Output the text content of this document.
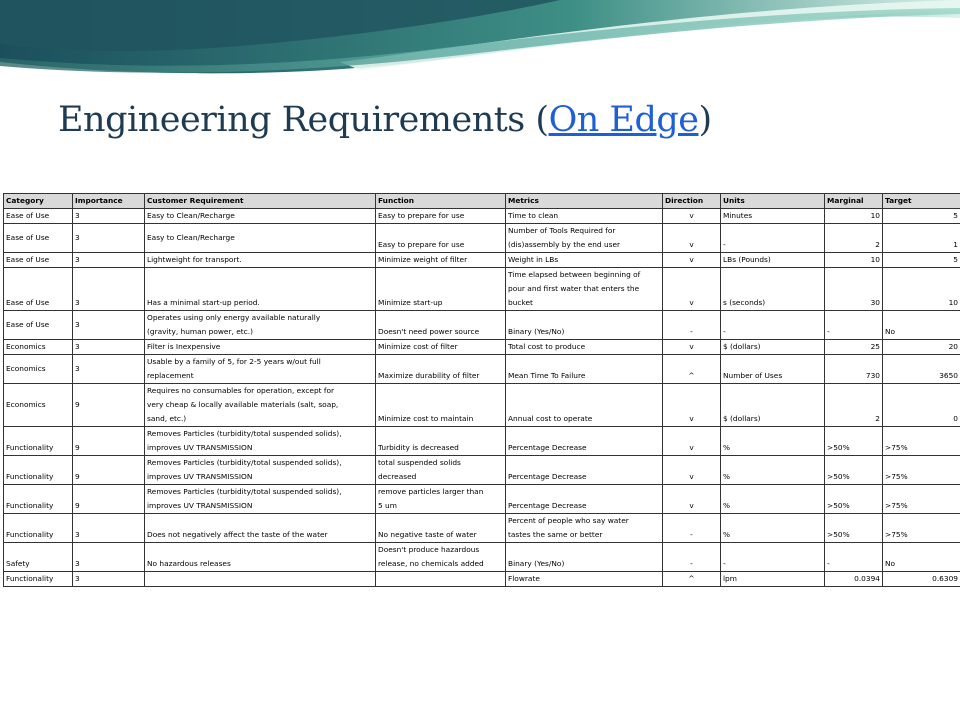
Engineering Requirements (On Edge)
Category	Importance	Customer Requirement	Function	Metrics	Direction	Units	Marginal	Target
Ease of Use	3	Easy to Clean/Recharge	Easy to prepare for use	Time to clean	v	Minutes	10	5
Ease of Use	3	Easy to Clean/Recharge	Easy to prepare for use	Number of Tools Required for
(dis)assembly by the end user	v	-	2	1
Ease of Use	3	Lightweight for transport.	Minimize weight of filter	Weight in LBs	v	LBs (Pounds)	10	5
Ease of Use	3	Has a minimal start-up period.	Minimize start-up	Time elapsed between beginning of
pour and first water that enters the
bucket	v	s (seconds)	30	10
Ease of Use	3	Operates using only energy available naturally
(gravity, human power, etc.)	Doesn't need power source	Binary (Yes/No)	-	-	-	No
Economics	3	Filter is Inexpensive	Minimize cost of filter	Total cost to produce	v	$ (dollars)	25	20
Economics	3	Usable by a family of 5, for 2-5 years w/out full
replacement	Maximize durability of filter	Mean Time To Failure	^	Number of Uses	730	3650
Economics	9	Requires no consumables for operation, except for
very cheap & locally available materials (salt, soap,
sand, etc.)	Minimize cost to maintain	Annual cost to operate	v	$ (dollars)	2	0
Functionality	9	Removes Particles (turbidity/total suspended solids),
improves UV TRANSMISSION	Turbidity is decreased	Percentage Decrease	v	%	>50%	>75%
Functionality	9	Removes Particles (turbidity/total suspended solids),
improves UV TRANSMISSION	total suspended solids
decreased	Percentage Decrease	v	%	>50%	>75%
Functionality	9	Removes Particles (turbidity/total suspended solids),
improves UV TRANSMISSION	remove particles larger than
5 um	Percentage Decrease	v	%	>50%	>75%
Functionality	3	Does not negatively affect the taste of the water	No negative taste of water	Percent of people who say water
tastes the same or better	-	%	>50%	>75%
Safety	3	No hazardous releases	Doesn't produce hazardous
release, no chemicals added	Binary (Yes/No)	-	-	-	No
Functionality	3			Flowrate	^	lpm	0.0394	0.6309
